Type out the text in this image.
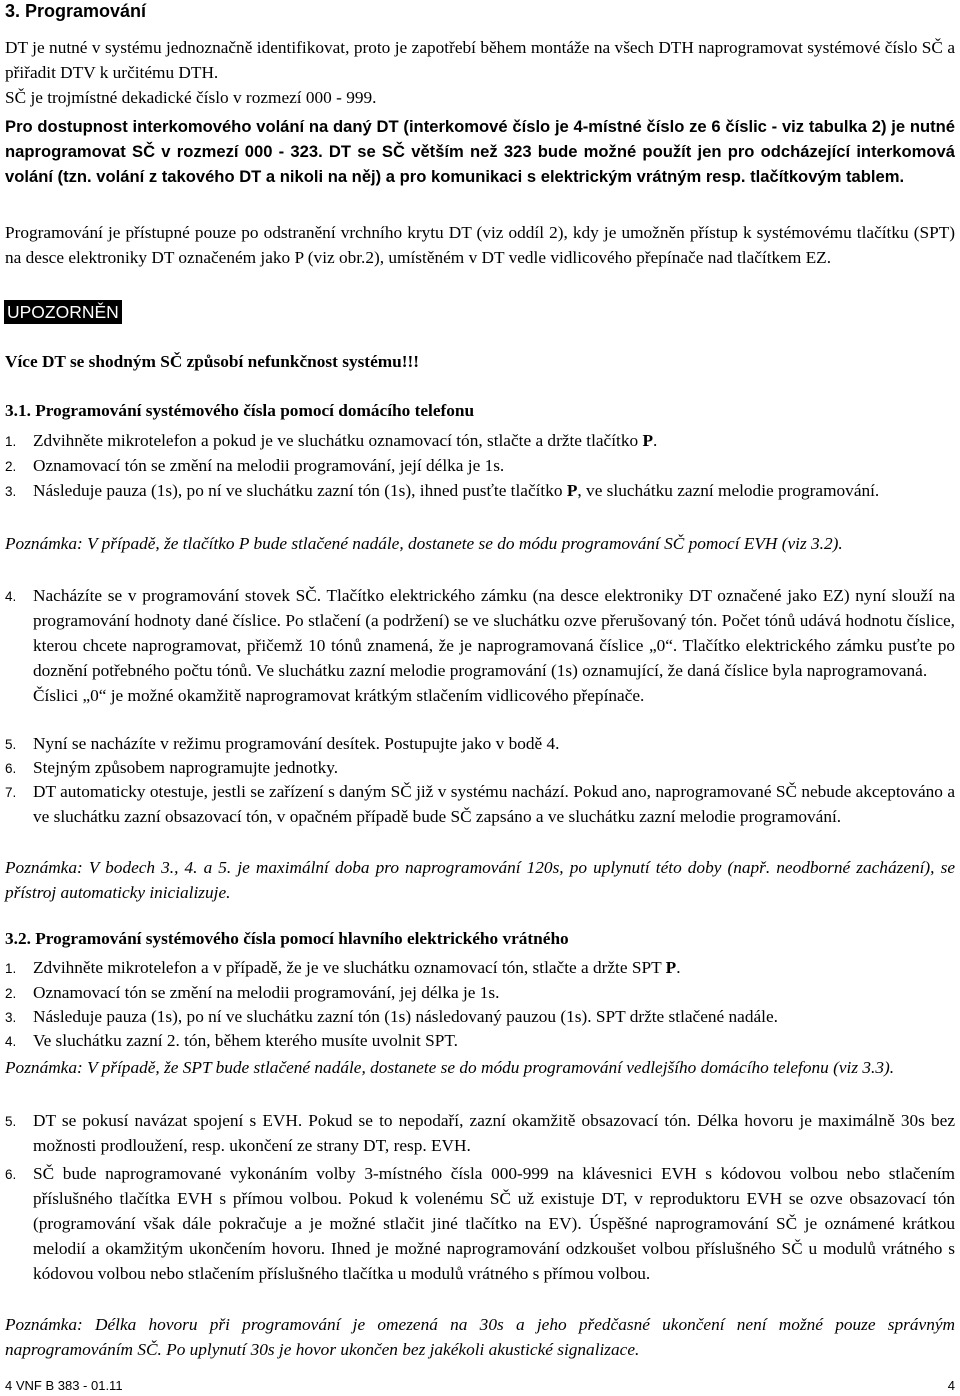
3. Programování
DT je nutné v systému jednoznačně identifikovat, proto je zapotřebí během montáže na všech DTH naprogramovat systémové číslo SČ a přiřadit DTV k určitému DTH.
SČ je trojmístné dekadické číslo v rozmezí 000 - 999.
Pro dostupnost interkomového volání na daný DT (interkomové číslo je 4-místné číslo ze 6 číslic - viz tabulka 2) je nutné naprogramovat SČ v rozmezí 000 - 323. DT se SČ větším než 323 bude možné použít jen pro odcházející interkomová volání (tzn. volání z takového DT a nikoli na něj) a pro komunikaci s elektrickým vrátným resp. tlačítkovým tablem.
Programování je přístupné pouze po odstranění vrchního krytu DT (viz oddíl 2), kdy je umožněn přístup k systémovému tlačítku (SPT) na desce elektroniky DT označeném jako P (viz obr.2), umístěném v DT vedle vidlicového přepínače nad tlačítkem EZ.
UPOZORNĚN
Více DT se shodným SČ způsobí nefunkčnost systému!!!
3.1. Programování systémového čísla pomocí domácího telefonu
1. Zdvihněte mikrotelefon a pokud je ve sluchátku oznamovací tón, stlačte a držte tlačítko P.
2. Oznamovací tón se změní na melodii programování, její délka je 1s.
3. Následuje pauza (1s), po ní ve sluchátku zazní tón (1s), ihned pusťte tlačítko P, ve sluchátku zazní melodie programování.
Poznámka: V případě, že tlačítko P bude stlačené nadále, dostanete se do módu programování SČ pomocí EVH (viz 3.2).
4. Nacházíte se v programování stovek SČ. Tlačítko elektrického zámku (na desce elektroniky DT označené jako EZ) nyní slouží na programování hodnoty dané číslice. Po stlačení (a podržení) se ve sluchátku ozve přerušovaný tón. Počet tónů udává hodnotu číslice, kterou chcete naprogramovat, přičemž 10 tónů znamená, že je naprogramovaná číslice „0“. Tlačítko elektrického zámku pusťte po doznění potřebného počtu tónů. Ve sluchátku zazní melodie programování (1s) oznamující, že daná číslice byla naprogramovaná.
Číslici „0“ je možné okamžitě naprogramovat krátkým stlačením vidlicového přepínače.
5. Nyní se nacházíte v režimu programování desítek. Postupujte jako v bodě 4.
6. Stejným způsobem naprogramujte jednotky.
7. DT automaticky otestuje, jestli se zařízení s daným SČ již v systému nachází. Pokud ano, naprogramované SČ nebude akceptováno a ve sluchátku zazní obsazovací tón, v opačném případě bude SČ zapsáno a ve sluchátku zazní melodie programování.
Poznámka: V bodech 3., 4. a 5. je maximální doba pro naprogramování 120s, po uplynutí této doby (např. neodborné zacházení), se přístroj automaticky inicializuje.
3.2. Programování systémového čísla pomocí hlavního elektrického vrátného
1. Zdvihněte mikrotelefon a v případě, že je ve sluchátku oznamovací tón, stlačte a držte SPT P.
2. Oznamovací tón se změní na melodii programování, jej délka je 1s.
3. Následuje pauza (1s), po ní ve sluchátku zazní tón (1s) následovaný pauzou (1s). SPT držte stlačené nadále.
4. Ve sluchátku zazní 2. tón, během kterého musíte uvolnit SPT.
Poznámka: V případě, že SPT bude stlačené nadále, dostanete se do módu programování vedlejšího domácího telefonu (viz 3.3).
5. DT se pokusí navázat spojení s EVH. Pokud se to nepodaří, zazní okamžitě obsazovací tón. Délka hovoru je maximálně 30s bez možnosti prodloužení, resp. ukončení ze strany DT, resp. EVH.
6. SČ bude naprogramované vykonáním volby 3-místného čísla 000-999 na klávesnici EVH s kódovou volbou nebo stlačením příslušného tlačítka EVH s přímou volbou. Pokud k volenému SČ už existuje DT, v reproduktoru EVH se ozve obsazovací tón (programování však dále pokračuje a je možné stlačit jiné tlačítko na EV). Úspěšné naprogramování SČ je oznámené krátkou melodií a okamžitým ukončením hovoru. Ihned je možné naprogramování odzkoušet volbou příslušného SČ u modulů vrátného s kódovou volbou nebo stlačením příslušného tlačítka u modulů vrátného s přímou volbou.
Poznámka: Délka hovoru při programování je omezená na 30s a jeho předčasné ukončení není možné pouze správným naprogramováním SČ. Po uplynutí 30s je hovor ukončen bez jakékoli akustické signalizace.
4 VNF B 383 - 01.11	4
